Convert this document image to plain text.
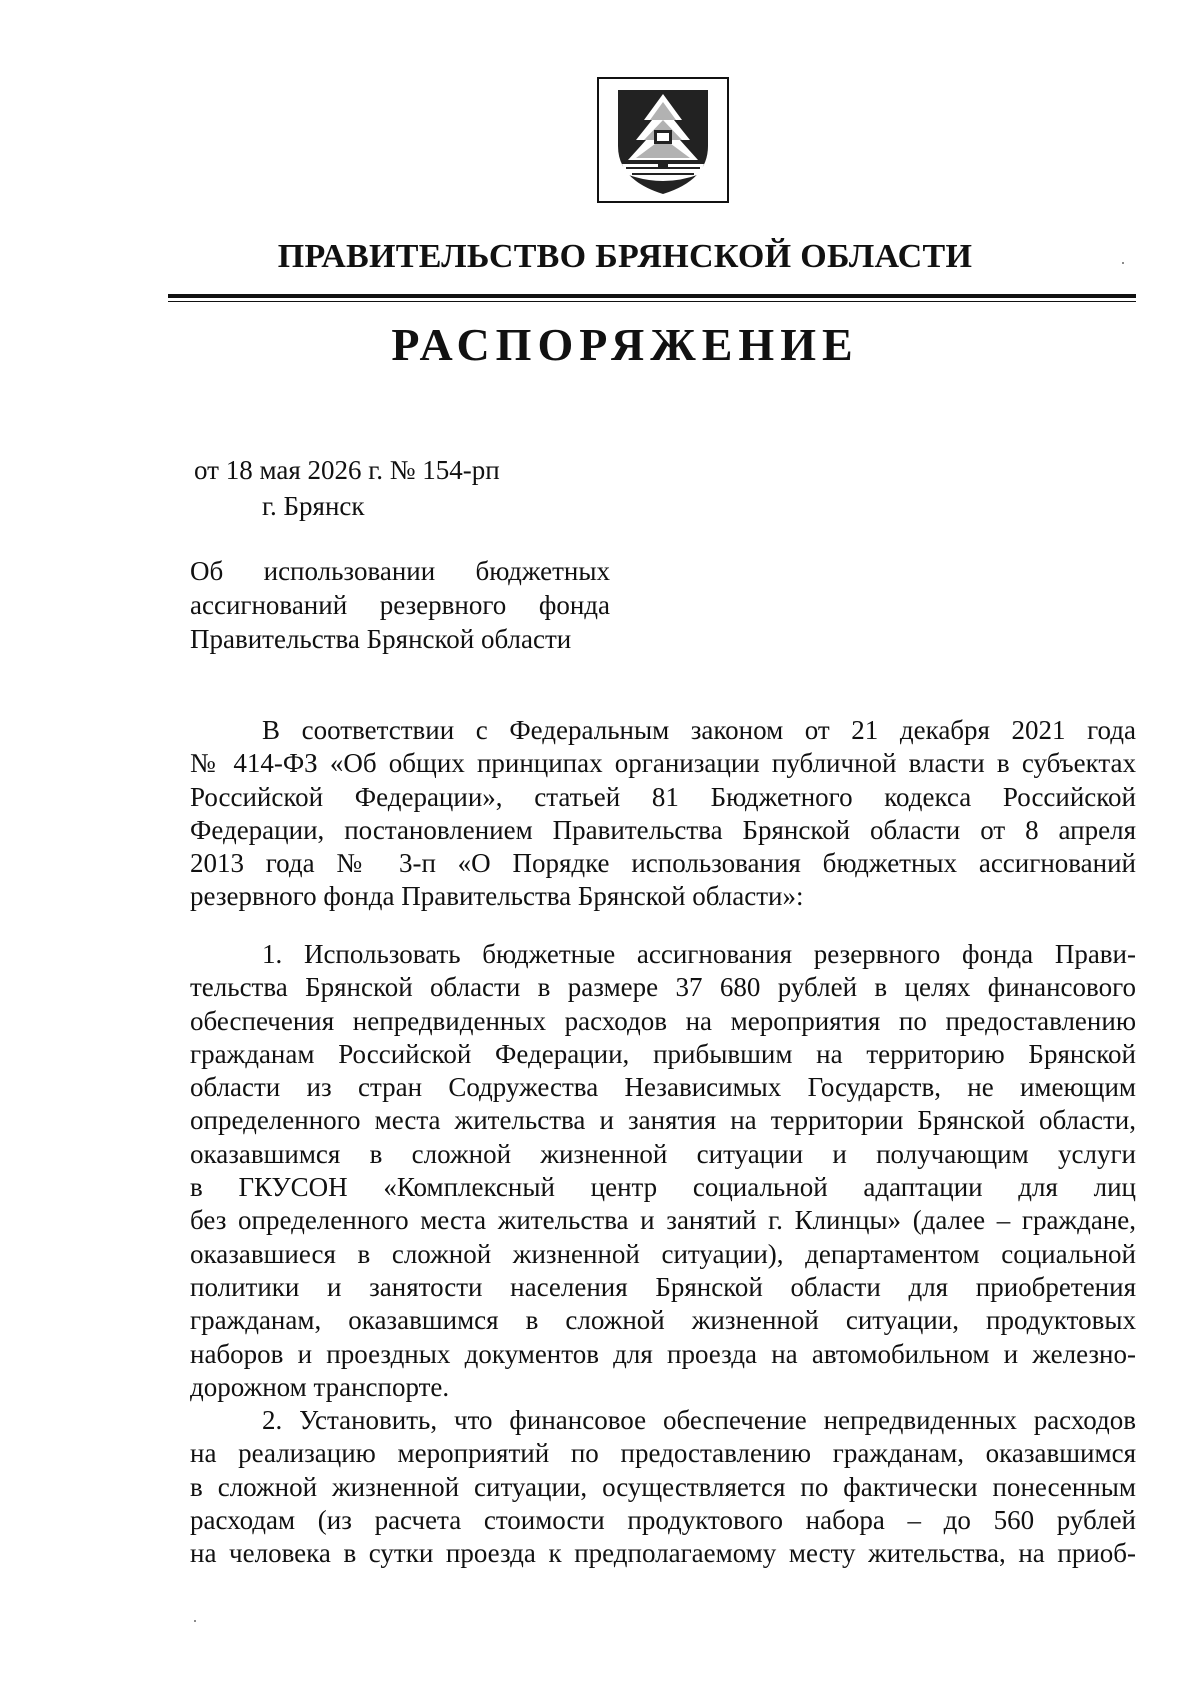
ПРАВИТЕЛЬСТВО БРЯНСКОЙ ОБЛАСТИ
РАСПОРЯЖЕНИЕ
от 18 мая 2026 г. № 154-рп
г. Брянск
Об использовании бюджетных
ассигнований резервного фонда
Правительства Брянской области
В соответствии с Федеральным законом от 21 декабря 2021 года
№ 414-ФЗ «Об общих принципах организации публичной власти в субъектах
Российской Федерации», статьей 81 Бюджетного кодекса Российской
Федерации, постановлением Правительства Брянской области от 8 апреля
2013 года № 3-п «О Порядке использования бюджетных ассигнований
резервного фонда Правительства Брянской области»:
1. Использовать бюджетные ассигнования резервного фонда Прави-
тельства Брянской области в размере 37 680 рублей в целях финансового
обеспечения непредвиденных расходов на мероприятия по предоставлению
гражданам Российской Федерации, прибывшим на территорию Брянской
области из стран Содружества Независимых Государств, не имеющим
определенного места жительства и занятия на территории Брянской области,
оказавшимся в сложной жизненной ситуации и получающим услуги
в ГКУСОН «Комплексный центр социальной адаптации для лиц
без определенного места жительства и занятий г. Клинцы» (далее – граждане,
оказавшиеся в сложной жизненной ситуации), департаментом социальной
политики и занятости населения Брянской области для приобретения
гражданам, оказавшимся в сложной жизненной ситуации, продуктовых
наборов и проездных документов для проезда на автомобильном и железно-
дорожном транспорте.
2. Установить, что финансовое обеспечение непредвиденных расходов
на реализацию мероприятий по предоставлению гражданам, оказавшимся
в сложной жизненной ситуации, осуществляется по фактически понесенным
расходам (из расчета стоимости продуктового набора – до 560 рублей
на человека в сутки проезда к предполагаемому месту жительства, на приоб-
